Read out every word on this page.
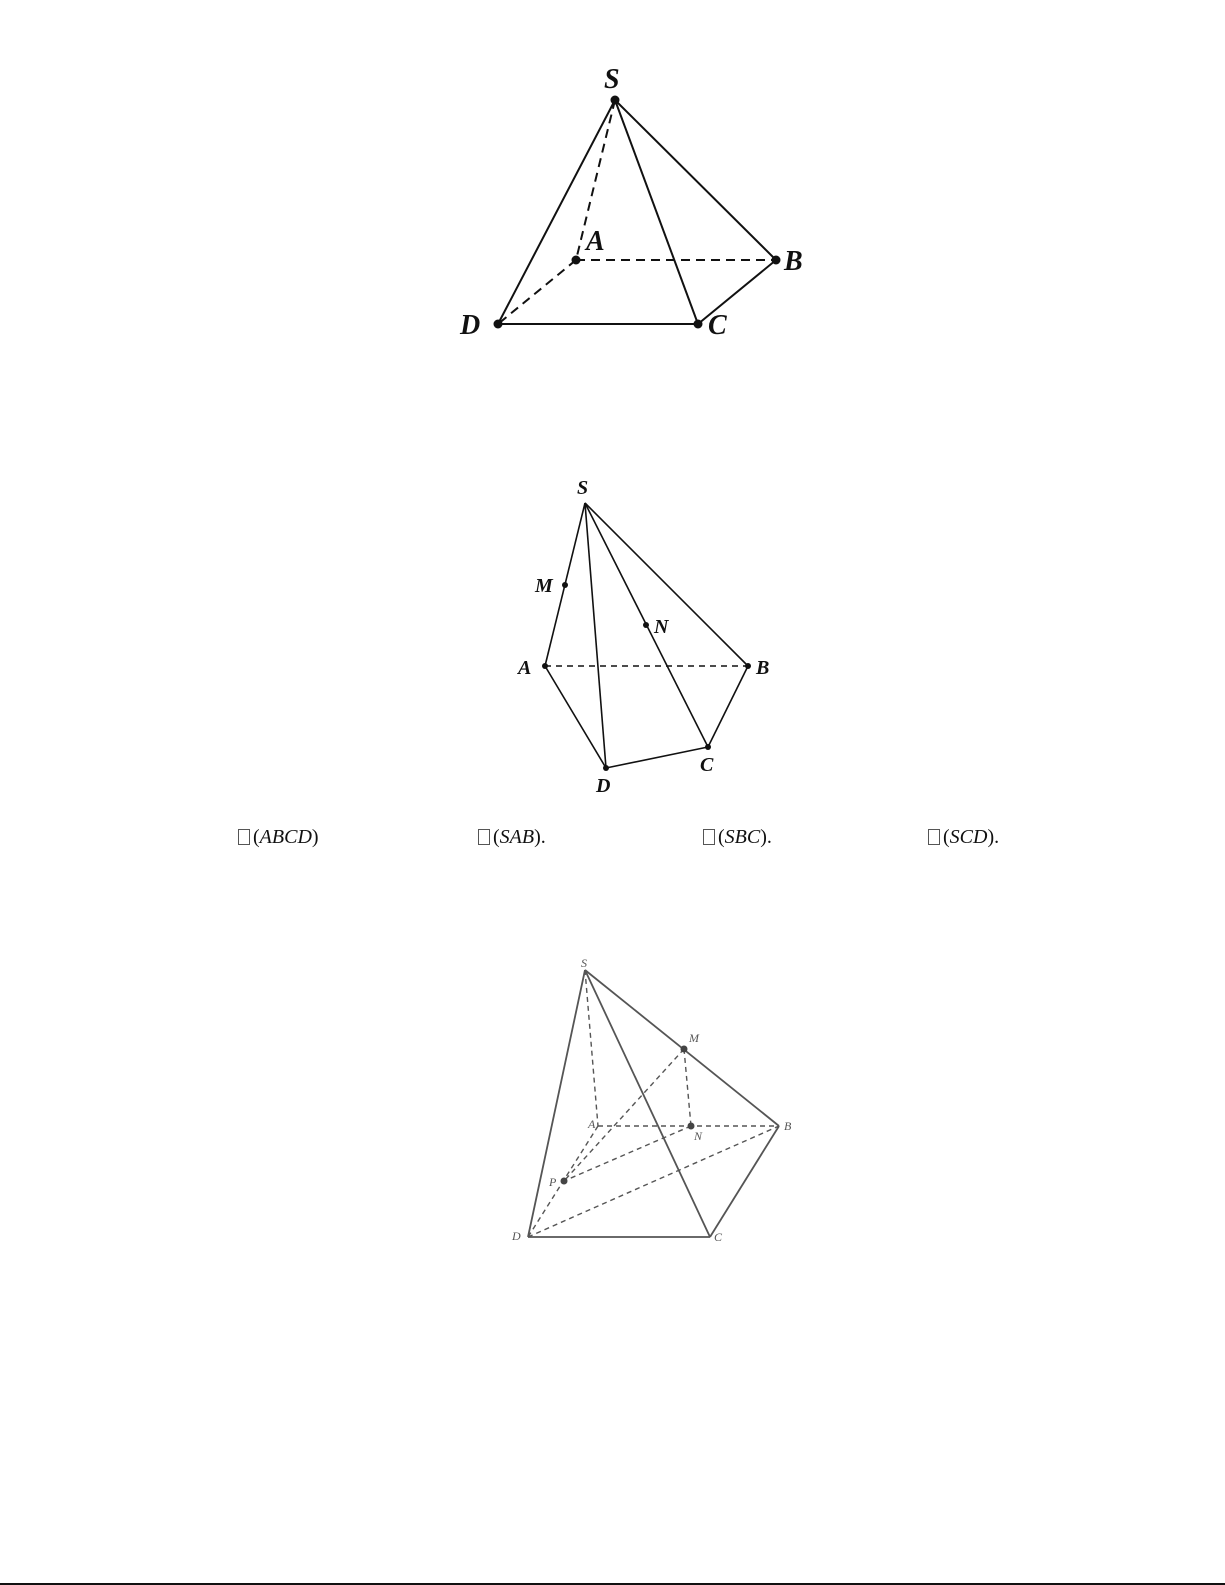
S
A
B
C
D
S
M
N
A	B
C
D
(ABCD)	(SAB).	(SBC).	(SCD).
S
M
A
N
B
P
D	C
